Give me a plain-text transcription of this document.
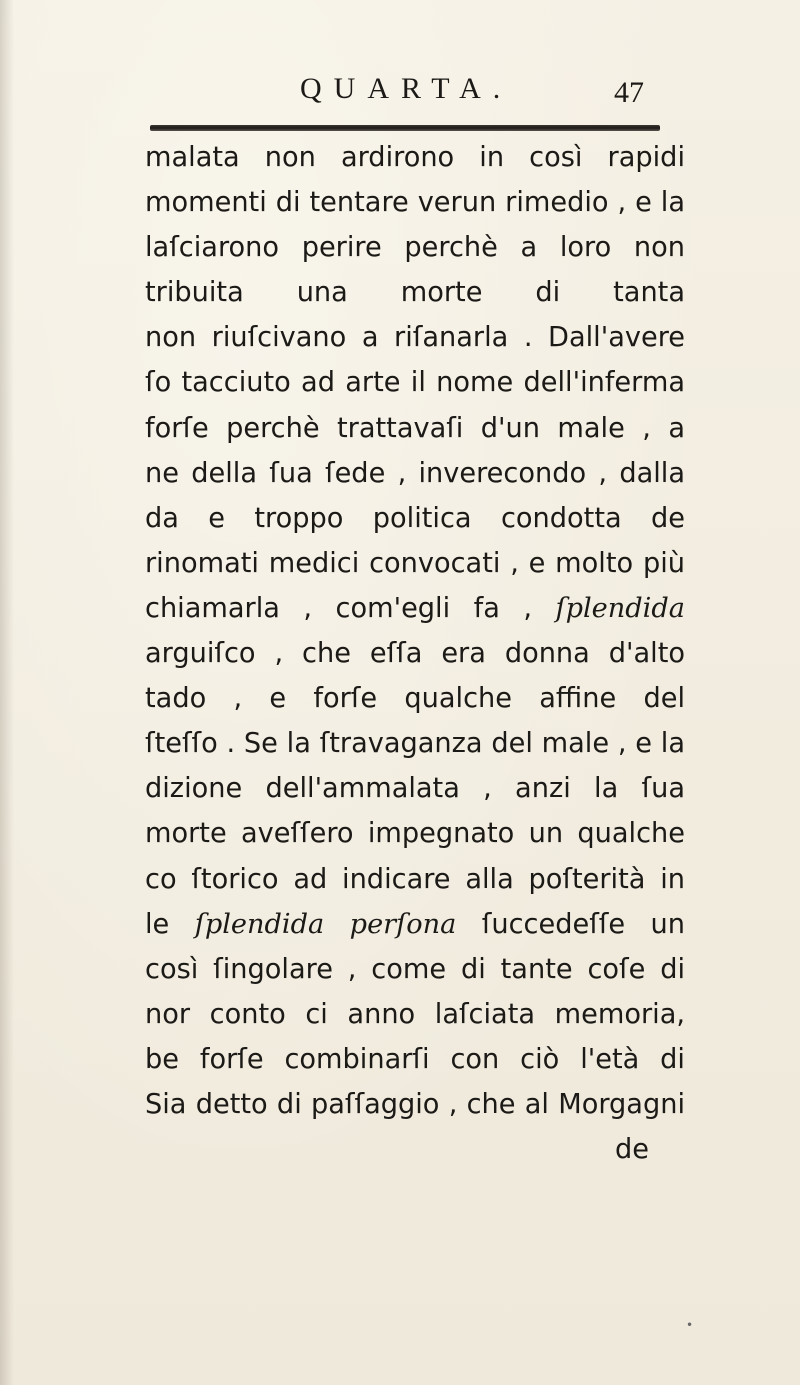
QUARTA.	47
malata non ardirono in così rapidi
momenti di tentare verun rimedio , e la
laſciarono perire perchè a loro non
tribuita una morte di tanta
non riuſcivano a riſanarla . Dall'avere
ſo tacciuto ad arte il nome dell'inferma
forſe perchè trattavaſi d'un male , a
ne della ſua ſede , inverecondo , dalla
da e troppo politica condotta de
rinomati medici convocati , e molto più
chiamarla , com'egli fa , ſplendida
arguiſco , che eſſa era donna d'alto
tado , e forſe qualche affine del
ſteſſo . Se la ſtravaganza del male , e la
dizione dell'ammalata , anzi la ſua
morte aveſſero impegnato un qualche
co ſtorico ad indicare alla poſterità in
le ſplendida perſona ſuccedeſſe un
così ſingolare , come di tante coſe di
nor conto ci anno laſciata memoria,
be forſe combinarſi con ciò l'età di
Sia detto di paſſaggio , che al Morgagni
de
•
